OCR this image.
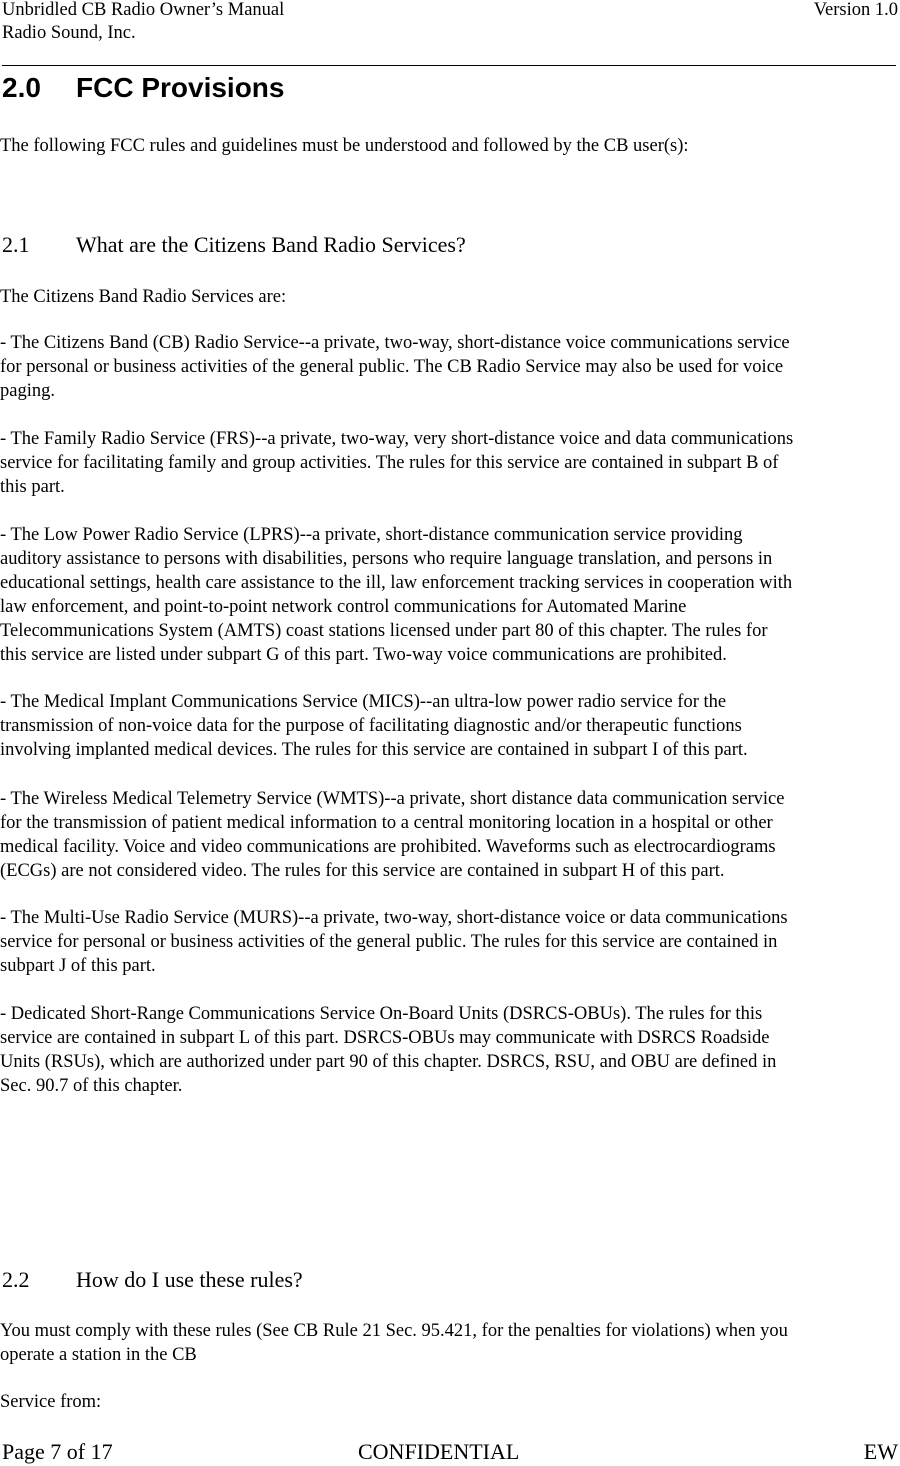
Unbridled CB Radio Owner’s Manual	Version 1.0
Radio Sound, Inc.
2.0 FCC Provisions
The following FCC rules and guidelines must be understood and followed by the CB user(s):
2.1 What are the Citizens Band Radio Services?
The Citizens Band Radio Services are:
- The Citizens Band (CB) Radio Service--a private, two-way, short-distance voice communications service
for personal or business activities of the general public. The CB Radio Service may also be used for voice
paging.
- The Family Radio Service (FRS)--a private, two-way, very short-distance voice and data communications
service for facilitating family and group activities. The rules for this service are contained in subpart B of
this part.
- The Low Power Radio Service (LPRS)--a private, short-distance communication service providing
auditory assistance to persons with disabilities, persons who require language translation, and persons in
educational settings, health care assistance to the ill, law enforcement tracking services in cooperation with
law enforcement, and point-to-point network control communications for Automated Marine
Telecommunications System (AMTS) coast stations licensed under part 80 of this chapter. The rules for
this service are listed under subpart G of this part. Two-way voice communications are prohibited.
- The Medical Implant Communications Service (MICS)--an ultra-low power radio service for the
transmission of non-voice data for the purpose of facilitating diagnostic and/or therapeutic functions
involving implanted medical devices. The rules for this service are contained in subpart I of this part.
- The Wireless Medical Telemetry Service (WMTS)--a private, short distance data communication service
for the transmission of patient medical information to a central monitoring location in a hospital or other
medical facility. Voice and video communications are prohibited. Waveforms such as electrocardiograms
(ECGs) are not considered video. The rules for this service are contained in subpart H of this part.
- The Multi-Use Radio Service (MURS)--a private, two-way, short-distance voice or data communications
service for personal or business activities of the general public. The rules for this service are contained in
subpart J of this part.
- Dedicated Short-Range Communications Service On-Board Units (DSRCS-OBUs). The rules for this
service are contained in subpart L of this part. DSRCS-OBUs may communicate with DSRCS Roadside
Units (RSUs), which are authorized under part 90 of this chapter. DSRCS, RSU, and OBU are defined in
Sec. 90.7 of this chapter.
2.2 How do I use these rules?
You must comply with these rules (See CB Rule 21 Sec. 95.421, for the penalties for violations) when you
operate a station in the CB
Service from:
Page 7 of 17	CONFIDENTIAL	EW
